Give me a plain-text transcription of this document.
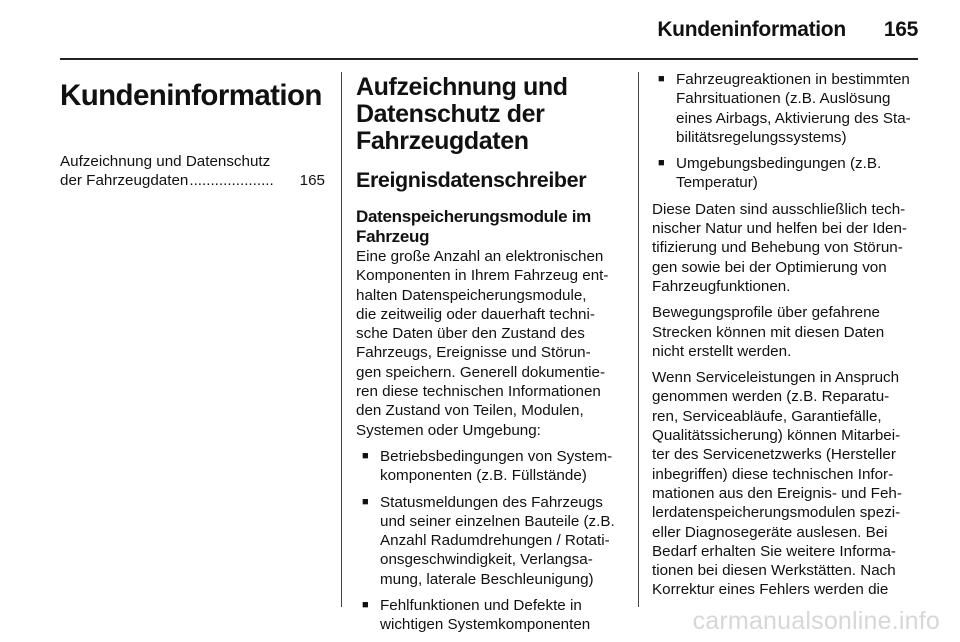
Kundeninformation 165
Kundeninformation
Aufzeichnung und Datenschutz
der Fahrzeugdaten ....................	165
Aufzeichnung und
Datenschutz der
Fahrzeugdaten
Ereignisdatenschreiber
Datenspeicherungsmodule im
Fahrzeug

Eine große Anzahl an elektronischen
Komponenten in Ihrem Fahrzeug ent-
halten Datenspeicherungsmodule,
die zeitweilig oder dauerhaft techni-
sche Daten über den Zustand des
Fahrzeugs, Ereignisse und Störun-
gen speichern. Generell dokumentie-
ren diese technischen Informationen
den Zustand von Teilen, Modulen,
Systemen oder Umgebung:

■ Betriebsbedingungen von System-
komponenten (z.B. Füllstände)
■ Statusmeldungen des Fahrzeugs
und seiner einzelnen Bauteile (z.B.
Anzahl Radumdrehungen / Rotati-
onsgeschwindigkeit, Verlangsa-
mung, laterale Beschleunigung)
■ Fehlfunktionen und Defekte in
wichtigen Systemkomponenten
■ Fahrzeugreaktionen in bestimmten
Fahrsituationen (z.B. Auslösung
eines Airbags, Aktivierung des Sta-
bilitätsregelungssystems)
■ Umgebungsbedingungen (z.B.
Temperatur)

Diese Daten sind ausschließlich tech-
nischer Natur und helfen bei der Iden-
tifizierung und Behebung von Störun-
gen sowie bei der Optimierung von
Fahrzeugfunktionen.

Bewegungsprofile über gefahrene
Strecken können mit diesen Daten
nicht erstellt werden.

Wenn Serviceleistungen in Anspruch
genommen werden (z.B. Reparatu-
ren, Serviceabläufe, Garantiefälle,
Qualitätssicherung) können Mitarbei-
ter des Servicenetzwerks (Hersteller
inbegriffen) diese technischen Infor-
mationen aus den Ereignis- und Feh-
lerdatenspeicherungsmodulen spezi-
eller Diagnosegeräte auslesen. Bei
Bedarf erhalten Sie weitere Informa-
tionen bei diesen Werkstätten. Nach
Korrektur eines Fehlers werden die

carmanualsonline.info
